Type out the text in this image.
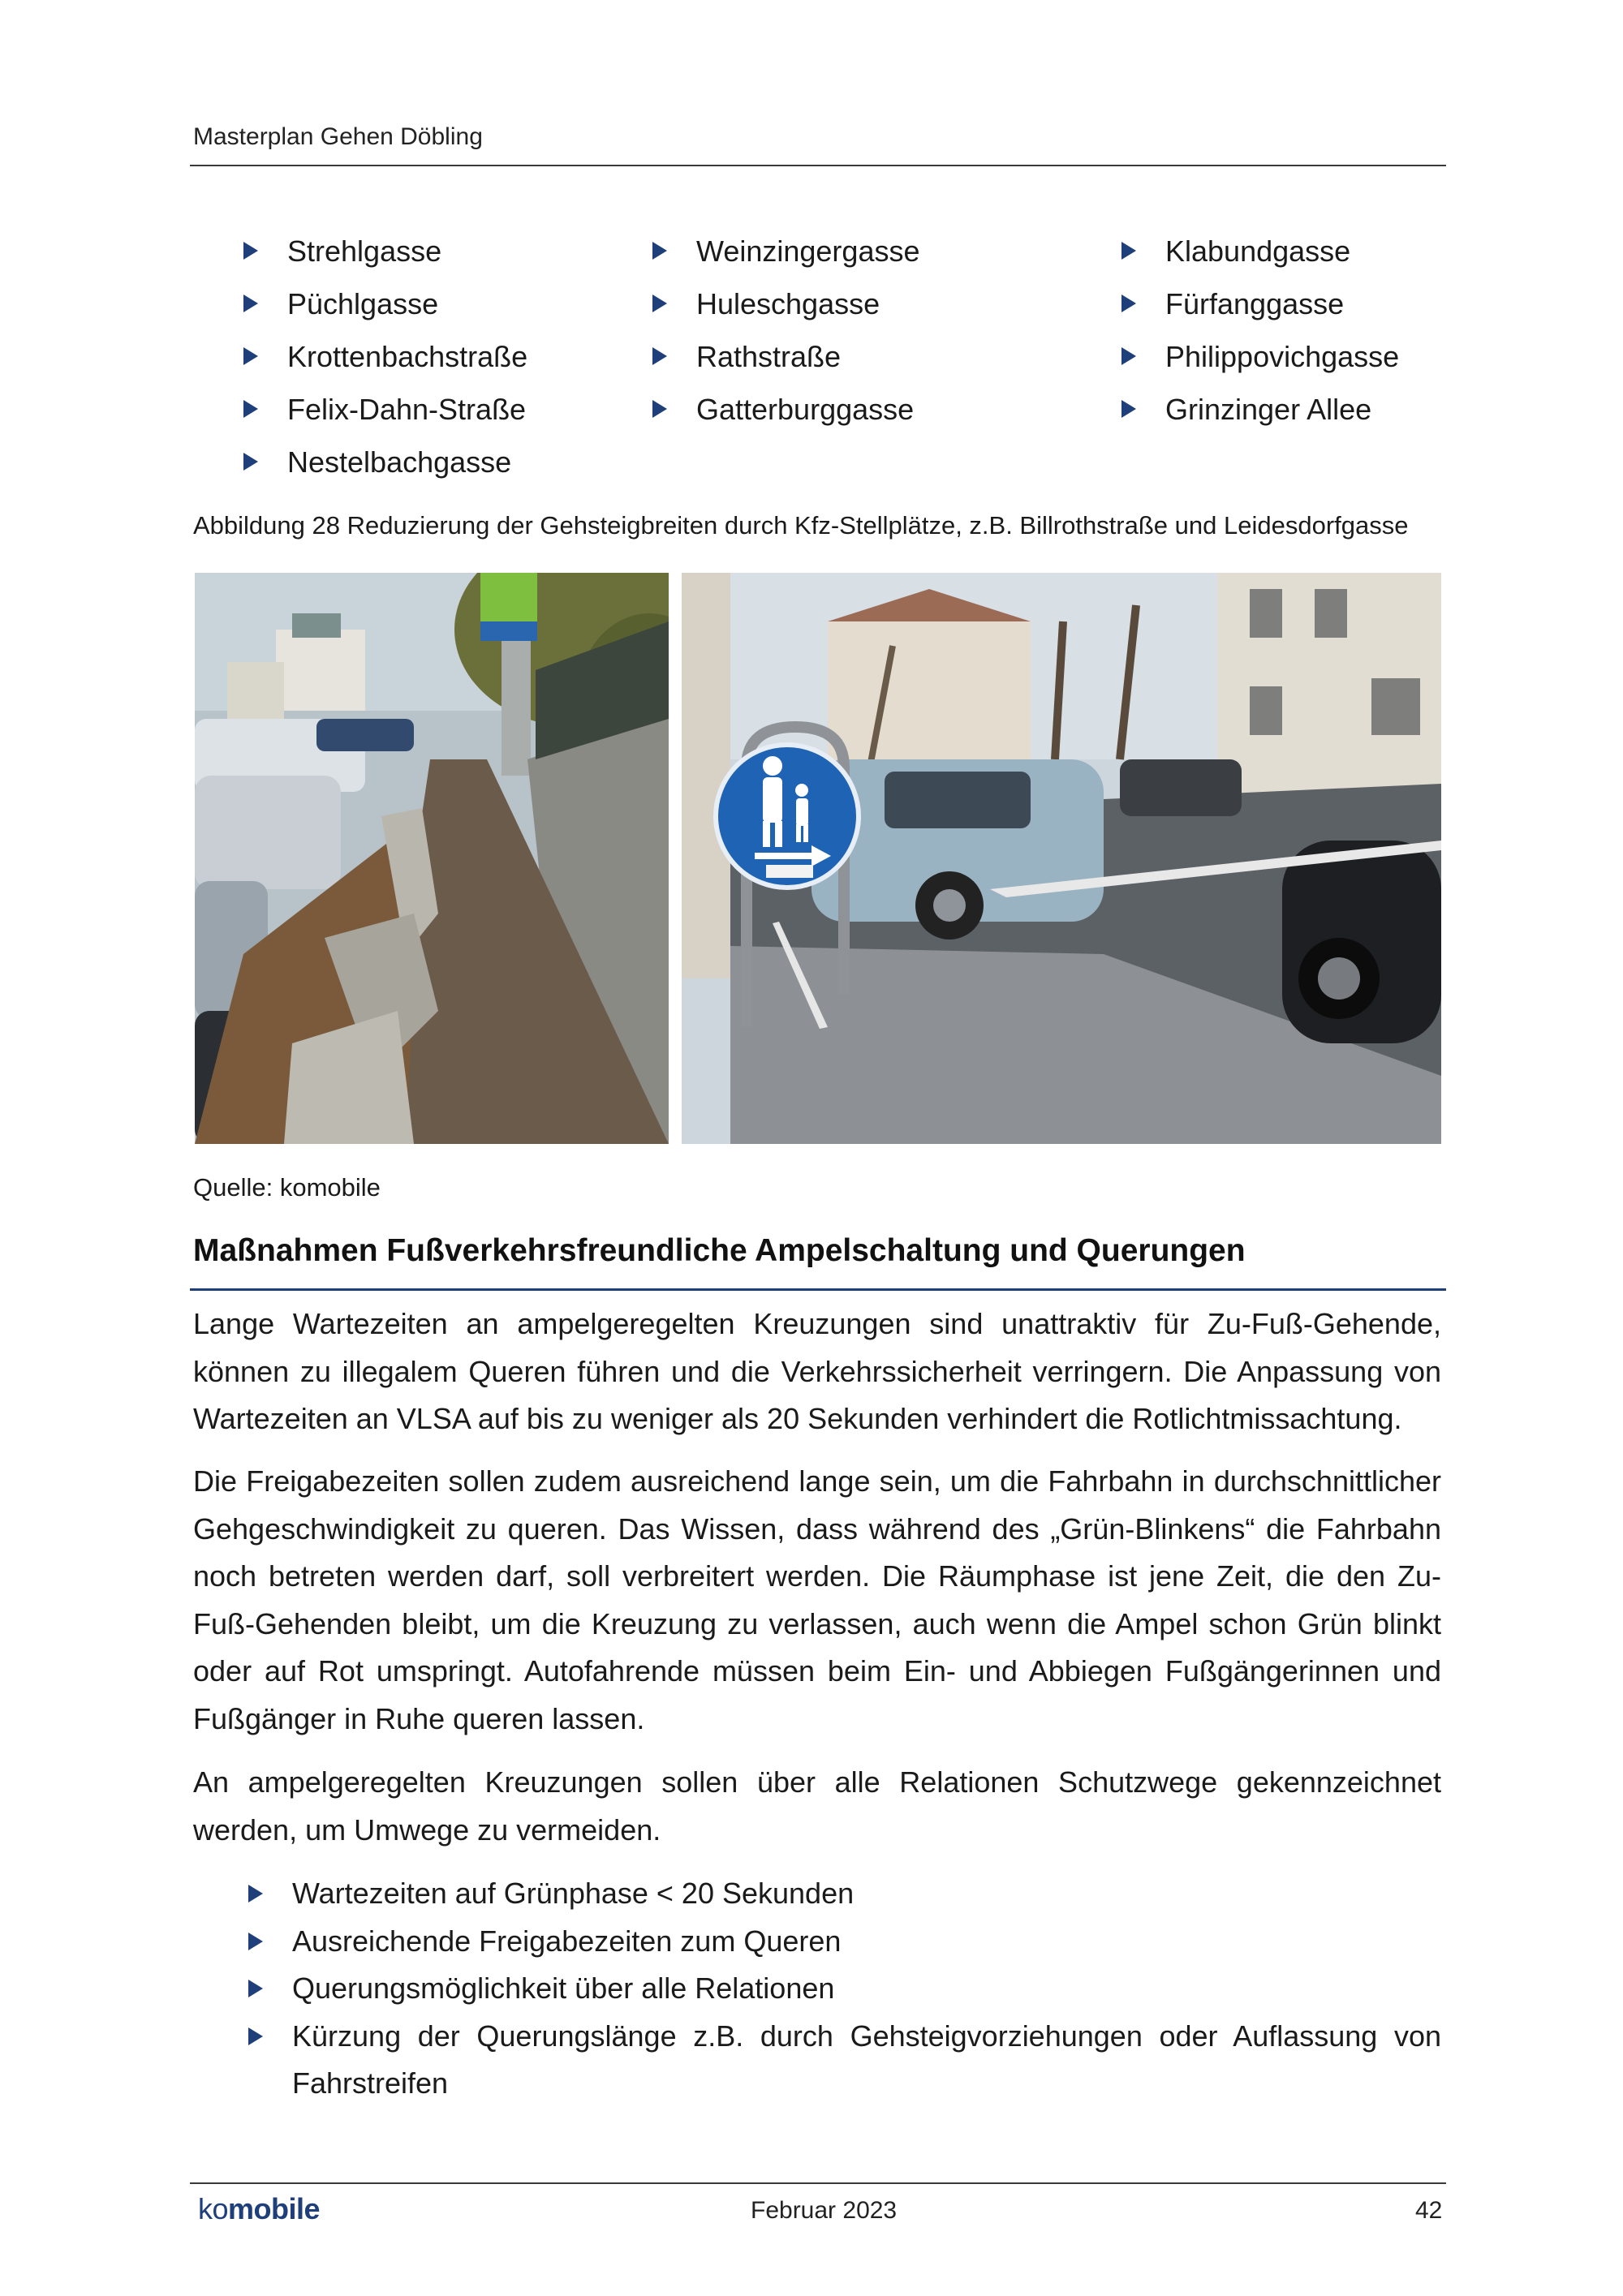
Masterplan Gehen Döbling
Strehlgasse
Püchlgasse
Krottenbachstraße
Felix-Dahn-Straße
Nestelbachgasse
Weinzingergasse
Huleschgasse
Rathstraße
Gatterburggasse
Klabundgasse
Fürfanggasse
Philippovichgasse
Grinzinger Allee
Abbildung 28 Reduzierung der Gehsteigbreiten durch Kfz-Stellplätze, z.B. Billrothstraße und Leidesdorfgasse
Quelle: komobile
Maßnahmen Fußverkehrsfreundliche Ampelschaltung und Querungen

Lange Wartezeiten an ampelgeregelten Kreuzungen sind unattraktiv für Zu-Fuß-Gehende, können zu illegalem Queren führen und die Verkehrssicherheit verringern. Die Anpassung von Wartezeiten an VLSA auf bis zu weniger als 20 Sekunden verhindert die Rotlichtmissachtung.

Die Freigabezeiten sollen zudem ausreichend lange sein, um die Fahrbahn in durchschnittlicher Gehgeschwindigkeit zu queren. Das Wissen, dass während des „Grün-Blinkens“ die Fahrbahn noch betreten werden darf, soll verbreitert werden. Die Räumphase ist jene Zeit, die den Zu-Fuß-Gehenden bleibt, um die Kreuzung zu verlassen, auch wenn die Ampel schon Grün blinkt oder auf Rot umspringt. Autofahrende müssen beim Ein- und Abbiegen Fußgängerinnen und Fußgänger in Ruhe queren lassen.

An ampelgeregelten Kreuzungen sollen über alle Relationen Schutzwege gekennzeichnet werden, um Umwege zu vermeiden.

Wartezeiten auf Grünphase < 20 Sekunden
Ausreichende Freigabezeiten zum Queren
Querungsmöglichkeit über alle Relationen
Kürzung der Querungslänge z.B. durch Gehsteigvorziehungen oder Auflassung von Fahrstreifen
komobile	Februar 2023	42
